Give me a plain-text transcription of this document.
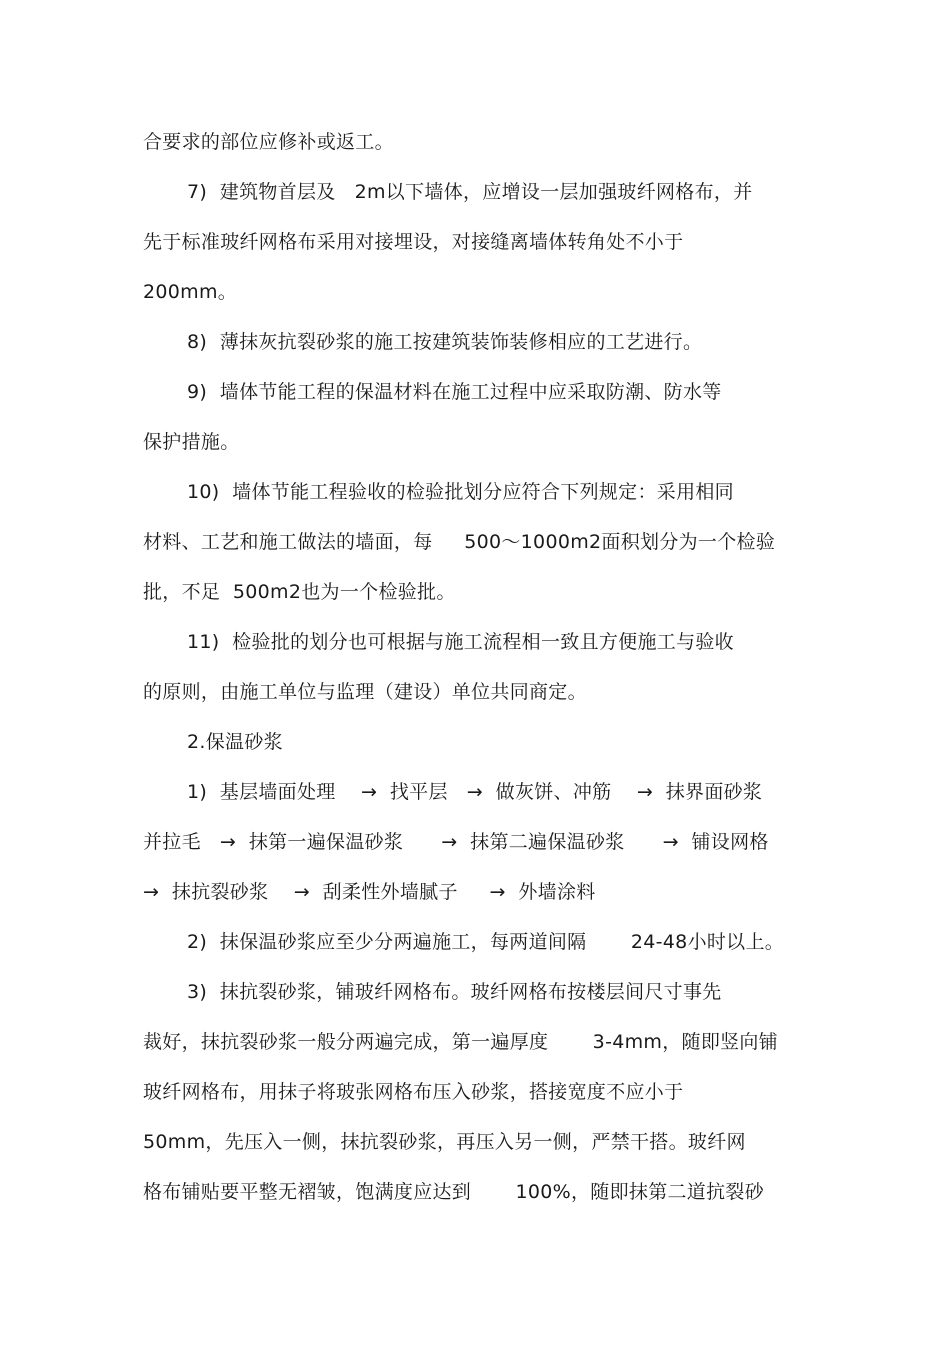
合要求的部位应修补或返工。
7)  建筑物首层及   2m以下墙体，应增设一层加强玻纤网格布，并
先于标准玻纤网格布采用对接埋设，对接缝离墙体转角处不小于
200mm。
8)  薄抹灰抗裂砂浆的施工按建筑装饰装修相应的工艺进行。
9)  墙体节能工程的保温材料在施工过程中应采取防潮、防水等
保护措施。
10)  墙体节能工程验收的检验批划分应符合下列规定：采用相同
材料、工艺和施工做法的墙面，每     500～1000m2面积划分为一个检验
批，不足  500m2也为一个检验批。
11)  检验批的划分也可根据与施工流程相一致且方便施工与验收
的原则，由施工单位与监理（建设）单位共同商定。
2.保温砂浆
1)  基层墙面处理    →  找平层   →  做灰饼、冲筋    →  抹界面砂浆
并拉毛   →  抹第一遍保温砂浆      →  抹第二遍保温砂浆      →  铺设网格
→  抹抗裂砂浆    →  刮柔性外墙腻子     →  外墙涂料
2)  抹保温砂浆应至少分两遍施工，每两道间隔       24-48小时以上。
3)  抹抗裂砂浆，铺玻纤网格布。玻纤网格布按楼层间尺寸事先
裁好，抹抗裂砂浆一般分两遍完成，第一遍厚度       3-4mm，随即竖向铺
玻纤网格布，用抹子将玻张网格布压入砂浆，搭接宽度不应小于
50mm，先压入一侧，抹抗裂砂浆，再压入另一侧，严禁干搭。玻纤网
格布铺贴要平整无褶皱，饱满度应达到       100%，随即抹第二道抗裂砂
